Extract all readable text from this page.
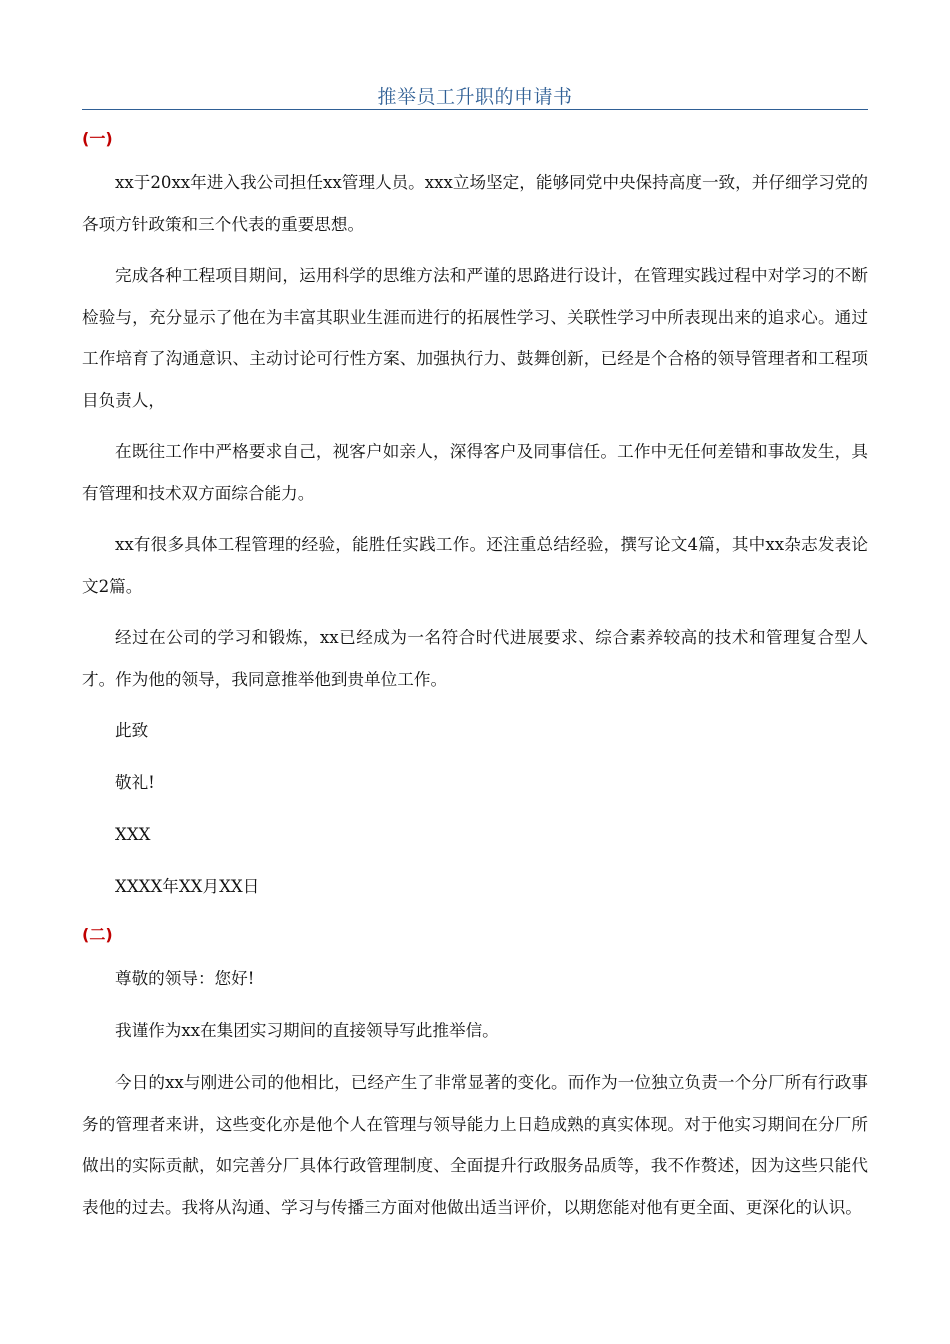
推举员工升职的申请书

(一)

xx于20xx年进入我公司担任xx管理人员。xxx立场坚定，能够同党中央保持高度一致，并仔细学习党的各项方针政策和三个代表的重要思想。

完成各种工程项目期间，运用科学的思维方法和严谨的思路进行设计，在管理实践过程中对学习的不断检验与，充分显示了他在为丰富其职业生涯而进行的拓展性学习、关联性学习中所表现出来的追求心。通过工作培育了沟通意识、主动讨论可行性方案、加强执行力、鼓舞创新，已经是个合格的领导管理者和工程项目负责人，

在既往工作中严格要求自己，视客户如亲人，深得客户及同事信任。工作中无任何差错和事故发生，具有管理和技术双方面综合能力。

xx有很多具体工程管理的经验，能胜任实践工作。还注重总结经验，撰写论文4篇，其中xx杂志发表论文2篇。

经过在公司的学习和锻炼，xx已经成为一名符合时代进展要求、综合素养较高的技术和管理复合型人才。作为他的领导，我同意推举他到贵单位工作。

此致

敬礼!

XXX

XXXX年XX月XX日

(二)

尊敬的领导：您好!

我谨作为xx在集团实习期间的直接领导写此推举信。

今日的xx与刚进公司的他相比，已经产生了非常显著的变化。而作为一位独立负责一个分厂所有行政事务的管理者来讲，这些变化亦是他个人在管理与领导能力上日趋成熟的真实体现。对于他实习期间在分厂所做出的实际贡献，如完善分厂具体行政管理制度、全面提升行政服务品质等，我不作赘述，因为这些只能代表他的过去。我将从沟通、学习与传播三方面对他做出适当评价，以期您能对他有更全面、更深化的认识。
